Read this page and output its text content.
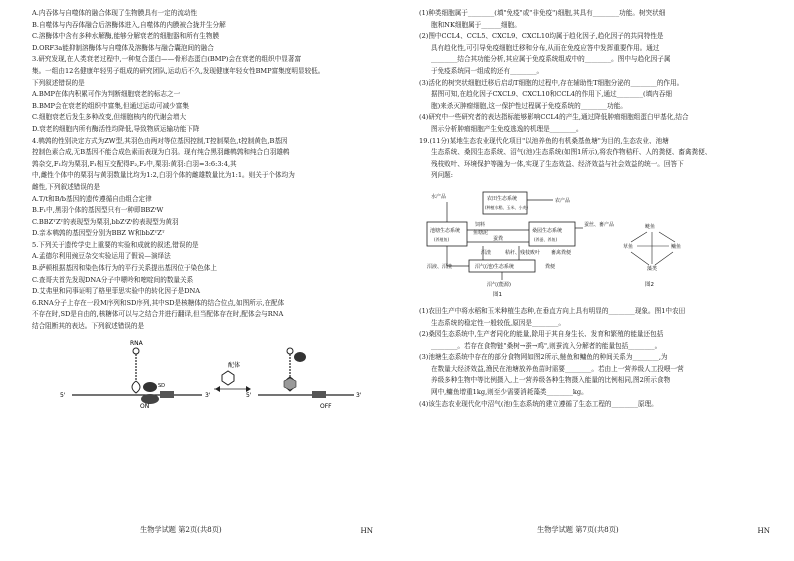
A.内吞体与自噬体的融合体现了生物膜具有一定的流动性
B.自噬体与内吞体融合后溶酶体进入,自噬体的内膜被合拢并生分解
C.溶酶体中含有多种水解酶,能够分解衰老的细胞器和所有生物膜
D.ORF3a能抑制溶酶体与自噬体及溶酶体与融合囊泡间的融合
3.研究发现,在人类衰老过程中,一种复合蛋白——骨形态蛋白(BMP)会在衰老的组织中显著富
集。一组由12名健康年轻男子组成的研究团队,运动后不久,发现健康年轻女性BMP富集度明显较低。
下列叙述错误的是
A.BMP在体内积累可作为判断细胞衰老的标志之一
B.BMP会在衰老的组织中富集,但通过运动可减少富集
C.细胞衰老后发生多种改变,但细胞核内的代谢会增大
D.衰老的细胞内所有酶活性均降低,导致物质运输功能下降
4.鹌鹑的性别决定方式为ZW型,其羽色由两对等位基因控制,T控制栗色,t控制黄色,B基因
控制色素合成,无B基因不能合成色素而表现为白羽。现有纯合黑羽雌鹌鹑和纯合白羽雄鹌
鹑杂交,F₁均为栗羽,F₁相互交配得F₂,F₂中,栗羽:黄羽:白羽=3:6:3:4,其
中,雌性个体中的栗羽与黄羽数量比均为1:2,白羽个体的雌雄数量比为1:1。则关于个体均为
雌性,下列叙述错误的是
A.T/t和B/b基因的遗传遵循自由组合定律
B.F₁中,黑羽个体的基因型只有一种即BBZᵗW
C.BBZᵀZᵀ的表现型为栗羽,bbZᵗZᵗ的表现型为黄羽
D.亲本鹌鹑的基因型分别为BBZ W和bbZᵀZᵀ
5.下列关于遗传学史上重要的实验和成就的叙述,错误的是
A.孟德尔利用豌豆杂交实验运用了假说—演绎法
B.萨顿根据基因和染色体行为的平行关系提出基因位于染色体上
C.查哥夫首先发现DNA分子中嘌呤和嘧啶间的数量关系
D.艾弗里和同事证明了格里菲思实验中的转化因子是DNA
6.RNA分子上存在一段M序列和SD序列,其中SD是核糖体的结合位点,如图所示,在配体
不存在时,SD是自由的,核糖体可以与之结合并进行翻译,但当配体存在时,配体会与RNA
结合阻断其的表达。下列叙述错误的是
RNA
5'	3'
SD
ON
配体
5'	3'
OFF
生物学试题 第2页(共8页)	HN
(1)种类细胞属于________(填"免疫"或"非免疫")细胞,其具有________功能。树突状细
胞和NK细胞属于______细胞。
(2)图中CCL4、CCL5、CXCL9、CXCL10均属于趋化因子,趋化因子的共同特性是
具有趋化性,可引导免疫细胞迁移和分布,从而在免疫应答中发挥重要作用。通过
________结合其功能分析,其应属于免疫系统组成中的________。图中与趋化因子属
于免疫系统同一组成的还有________。
(3)活化的树突状细胞迁移后启动T细胞的过程中,存在辅助性T细胞分泌的________的作用。
据图可知,在趋化因子CXCL9、CXCL10和CCL4的作用下,通过________(填内吞细
胞)来杀灭肿瘤细胞,这一保护性过程属于免疫系统的________功能。
(4)研究中一些研究者的表达指标能够影响CCL4的产生,通过降低肿瘤细胞组蛋白甲基化,结合
图示分析肿瘤细胞产生免疫逃逸的机理是________。
19.(11分)某地生态农业现代化项目"以池养鱼的有机桑基鱼塘"为目的,生态农业、池塘
生态系统、桑园生态系统、沼气(池)生态系统(如图1所示),将农作物秸秆、人的粪便、畜禽粪便、
残枝败叶、环境保护等融为一体,实现了生态效益、经济效益与社会效益的统一。回答下
列问题:
水产品	农田生态系统
(种植水稻、玉米、小麦)
农产品
池塘生态系统
(养殖鱼)
桑园生态系统
(养蚕、养鱼)
蚕丝、畜产品
饲料
鱼塘泥
蚕粪
沼渣	秸秆、残枝败叶 畜禽粪便
沼气(池)生态系统
沼液、沼渣	粪便
沼气(能源)
图1
鲢鱼
草鱼	鳙鱼
藻类
图2
(1)农田生产中将水稻和玉米种植生态种,在垂直方向上具有明显的________现象。图1中农田
生态系统的稳定性一般较低,原因是________。
(2)桑园生态系统中,生产者同化的能量,除用于其自身生长、发育和繁殖的能量还包括
________。若存在食物链"桑树→蚕→鸡",则蚕流入分解者的能量包括________。
(3)池塘生态系统中存在的部分食物网如图2所示,鲢鱼和鳙鱼的种间关系为________,为
在数量大经济效益,渔民在池塘放养鱼苗时需要________。若由上一营养级人工投喂一营
养级多种生物中等比例摄入,上一营养级各种生物摄入能量的比例相同,图2所示食物
网中,鳙鱼增重1kg,则至少需要消耗藻类________kg。
(4)该生态农业现代化中沼气(池)生态系统的建立遵循了生态工程的________原理。
生物学试题 第7页(共8页)	HN
